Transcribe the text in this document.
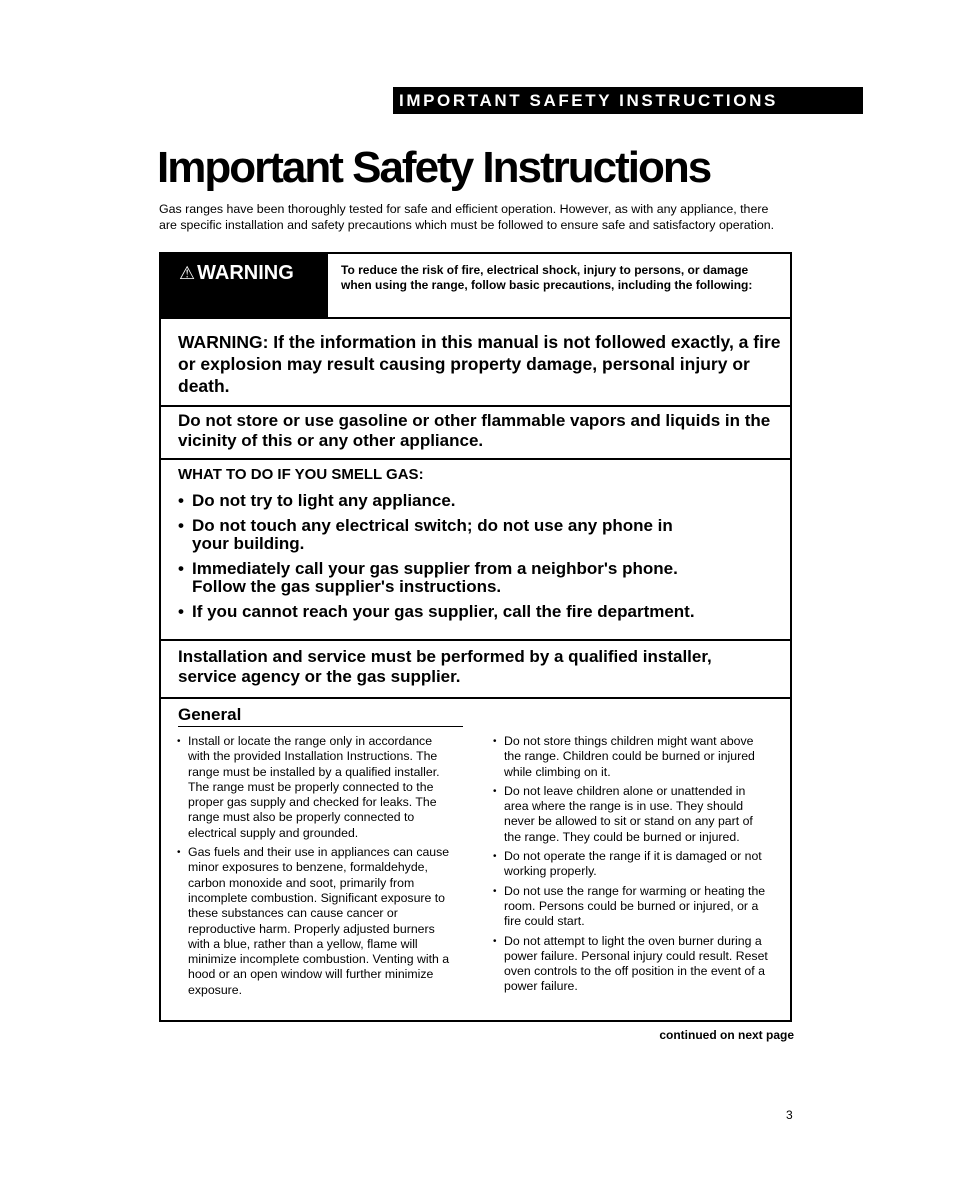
IMPORTANT SAFETY INSTRUCTIONS
Important Safety Instructions
Gas ranges have been thoroughly tested for safe and efficient operation. However, as with any appliance, there are specific installation and safety precautions which must be followed to ensure safe and satisfactory operation.
⚠ WARNING	To reduce the risk of fire, electrical shock, injury to persons, or damage when using the range, follow basic precautions, including the following:
WARNING: If the information in this manual is not followed exactly, a fire or explosion may result causing property damage, personal injury or death.
Do not store or use gasoline or other flammable vapors and liquids in the vicinity of this or any other appliance.
WHAT TO DO IF YOU SMELL GAS:
• Do not try to light any appliance.
• Do not touch any electrical switch; do not use any phone in your building.
• Immediately call your gas supplier from a neighbor's phone. Follow the gas supplier's instructions.
• If you cannot reach your gas supplier, call the fire department.
Installation and service must be performed by a qualified installer, service agency or the gas supplier.
General
• Install or locate the range only in accordance with the provided Installation Instructions. The range must be installed by a qualified installer. The range must be properly connected to the proper gas supply and checked for leaks. The range must also be properly connected to electrical supply and grounded.
• Gas fuels and their use in appliances can cause minor exposures to benzene, formaldehyde, carbon monoxide and soot, primarily from incomplete combustion. Significant exposure to these substances can cause cancer or reproductive harm. Properly adjusted burners with a blue, rather than a yellow, flame will minimize incomplete combustion. Venting with a hood or an open window will further minimize exposure.
• Do not store things children might want above the range. Children could be burned or injured while climbing on it.
• Do not leave children alone or unattended in area where the range is in use. They should never be allowed to sit or stand on any part of the range. They could be burned or injured.
• Do not operate the range if it is damaged or not working properly.
• Do not use the range for warming or heating the room. Persons could be burned or injured, or a fire could start.
• Do not attempt to light the oven burner during a power failure. Personal injury could result. Reset oven controls to the off position in the event of a power failure.
continued on next page
3
